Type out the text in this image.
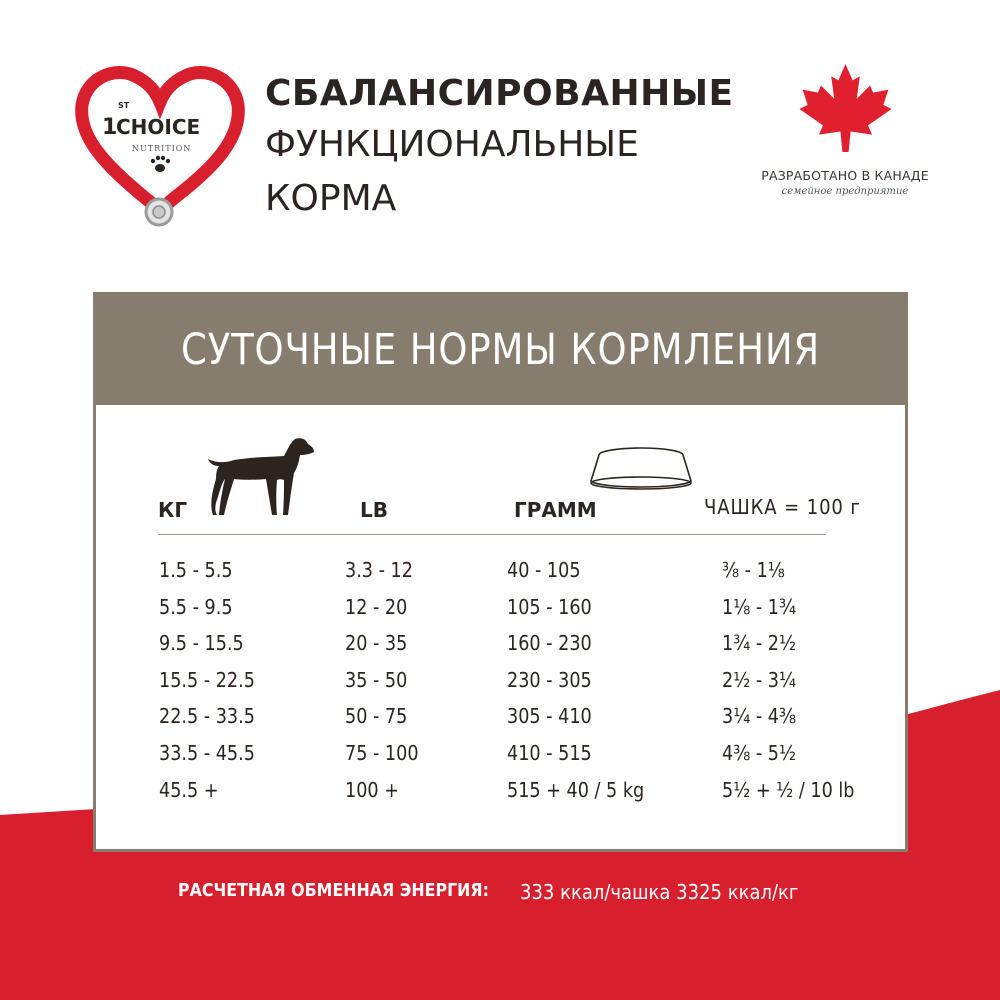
ST
1
CHOICE
NUTRITION
СБАЛАНСИРОВАННЫЕ
ФУНКЦИОНАЛЬНЫЕ
КОРМА
РАЗРАБОТАНО В КАНАДЕ
семейное предприятие
СУТОЧНЫЕ НОРМЫ КОРМЛЕНИЯ
КГ	LB	ГРАММ	ЧАШКА = 100 г
1.5 - 5.5	3.3 - 12	40 - 105	⅜ - 1⅛
5.5 - 9.5	12 - 20	105 - 160	1⅛ - 1¾
9.5 - 15.5	20 - 35	160 - 230	1¾ - 2½
15.5 - 22.5	35 - 50	230 - 305	2½ - 3¼
22.5 - 33.5	50 - 75	305 - 410	3¼ - 4⅜
33.5 - 45.5	75 - 100	410 - 515	4⅜ - 5½
45.5 +	100 +	515 + 40 / 5 kg	5½ + ½ / 10 lb
РАСЧЕТНАЯ ОБМЕННАЯ ЭНЕРГИЯ: 333 ккал/чашка 3325 ккал/кг
